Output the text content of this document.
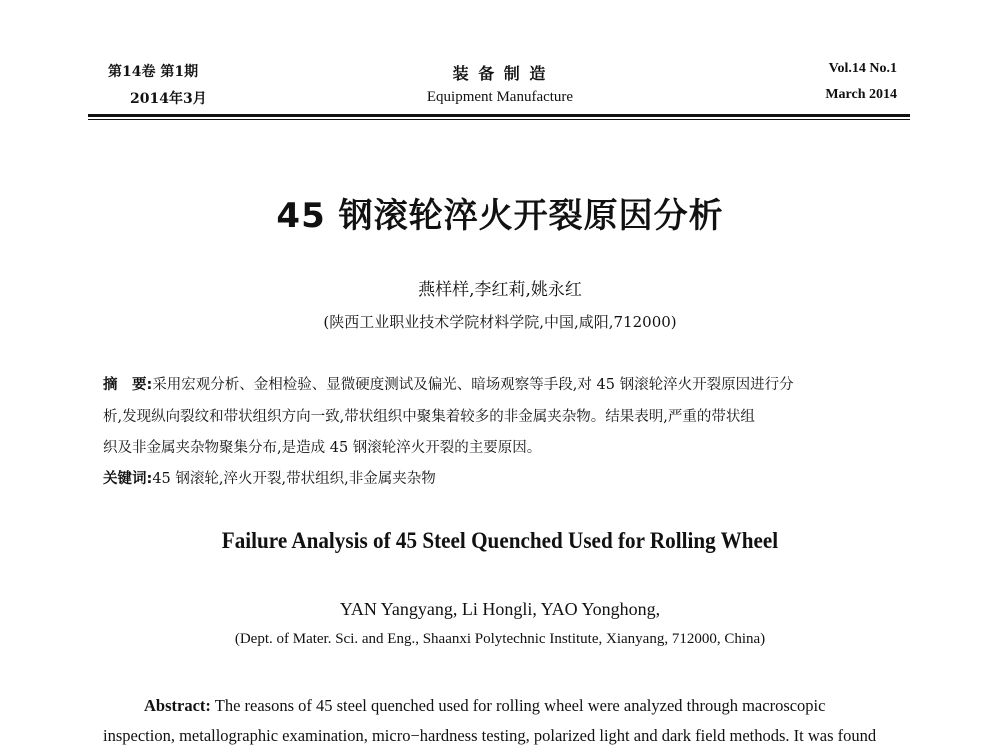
第14卷 第1期
2014年3月
装 备 制 造
Equipment Manufacture
Vol.14 No.1
March 2014
45 钢滚轮淬火开裂原因分析
燕样样,李红莉,姚永红
(陕西工业职业技术学院材料学院,中国,咸阳,712000)
摘　要:采用宏观分析、金相检验、显微硬度测试及偏光、暗场观察等手段,对 45 钢滚轮淬火开裂原因进行分
析,发现纵向裂纹和带状组织方向一致,带状组织中聚集着较多的非金属夹杂物。结果表明,严重的带状组
织及非金属夹杂物聚集分布,是造成 45 钢滚轮淬火开裂的主要原因。
关键词:45 钢滚轮,淬火开裂,带状组织,非金属夹杂物
Failure Analysis of 45 Steel Quenched Used for Rolling Wheel
YAN Yangyang, Li Hongli, YAO Yonghong,
(Dept. of Mater. Sci. and Eng., Shaanxi Polytechnic Institute, Xianyang, 712000, China)
Abstract: The reasons of 45 steel quenched used for rolling wheel were analyzed through macroscopic
inspection, metallographic examination, micro−hardness testing, polarized light and dark field methods. It was found
